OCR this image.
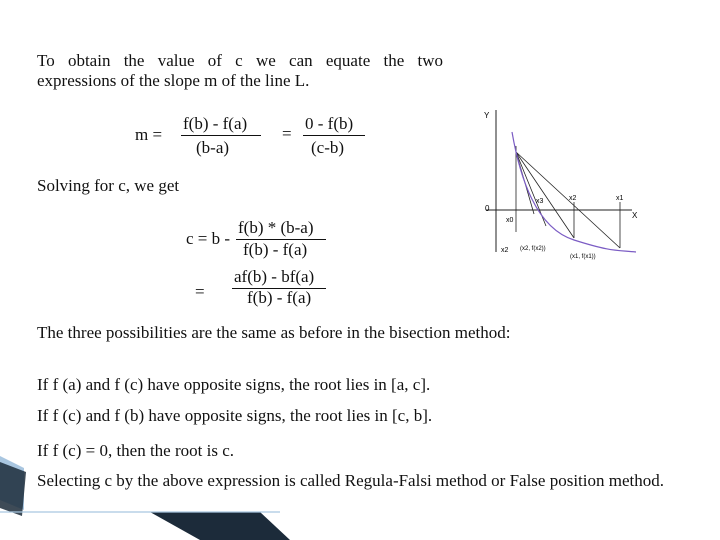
To obtain the value of c we can equate the two
expressions of the slope m of the line L.
m =
f(b) - f(a)
(b-a)
=
0 - f(b)
(c-b)
Solving for c, we get
c = b -
f(b) * (b-a)
f(b) - f(a)
=
af(b) - bf(a)
f(b) - f(a)
The three possibilities are the same as before in the bisection method:
If f (a) and f (c) have opposite signs, the root lies in [a, c].
If f (c) and f (b) have opposite signs, the root lies in [c, b].
If f (c) = 0, then the root is c.
Selecting c by the above expression is called Regula-Falsi method or False position method.
Y
X
0
x0
x3	x2	x1
x2 (x2, f(x2))
(x1, f(x1))
